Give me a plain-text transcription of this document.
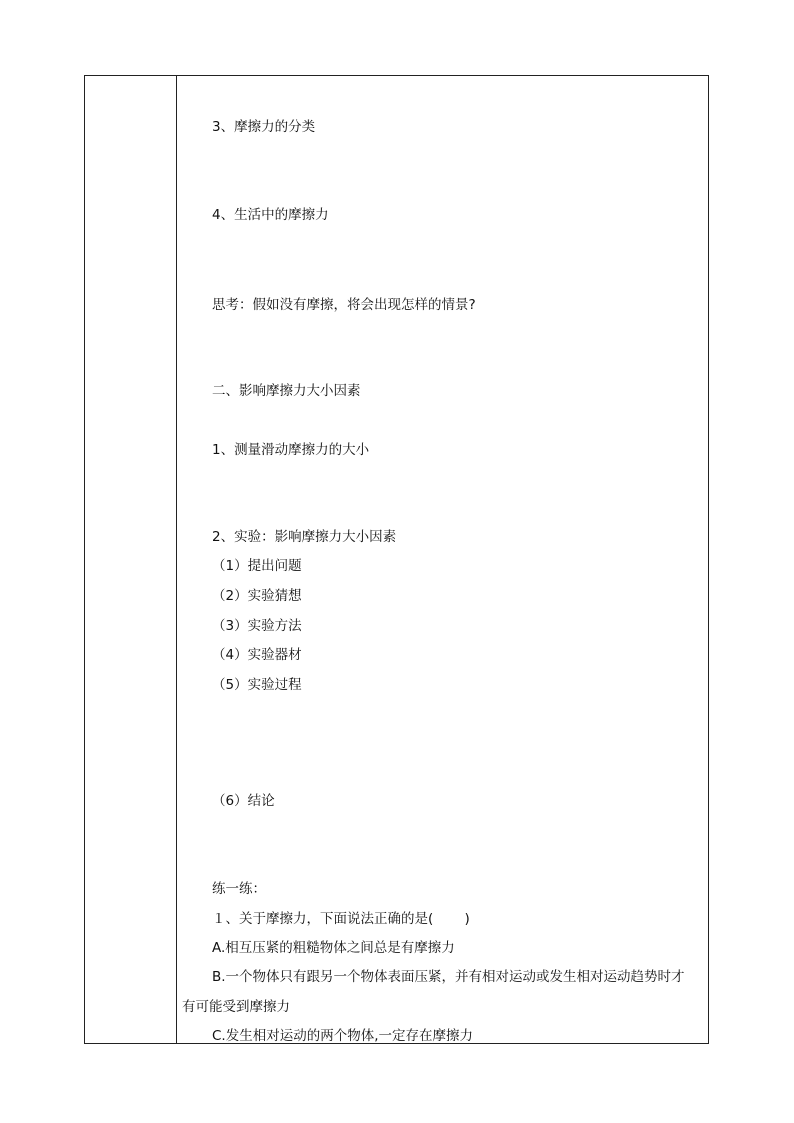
3、摩擦力的分类
4、生活中的摩擦力
思考：假如没有摩擦，将会出现怎样的情景?
二、影响摩擦力大小因素
1、测量滑动摩擦力的大小
2、实验：影响摩擦力大小因素
（1）提出问题
（2）实验猜想
（3）实验方法
（4）实验器材
（5）实验过程
（6）结论
练一练：
１、关于摩擦力，下面说法正确的是(　　 )
A.相互压紧的粗糙物体之间总是有摩擦力
B.一个物体只有跟另一个物体表面压紧，并有相对运动或发生相对运动趋势时才
有可能受到摩擦力
C.发生相对运动的两个物体,一定存在摩擦力
